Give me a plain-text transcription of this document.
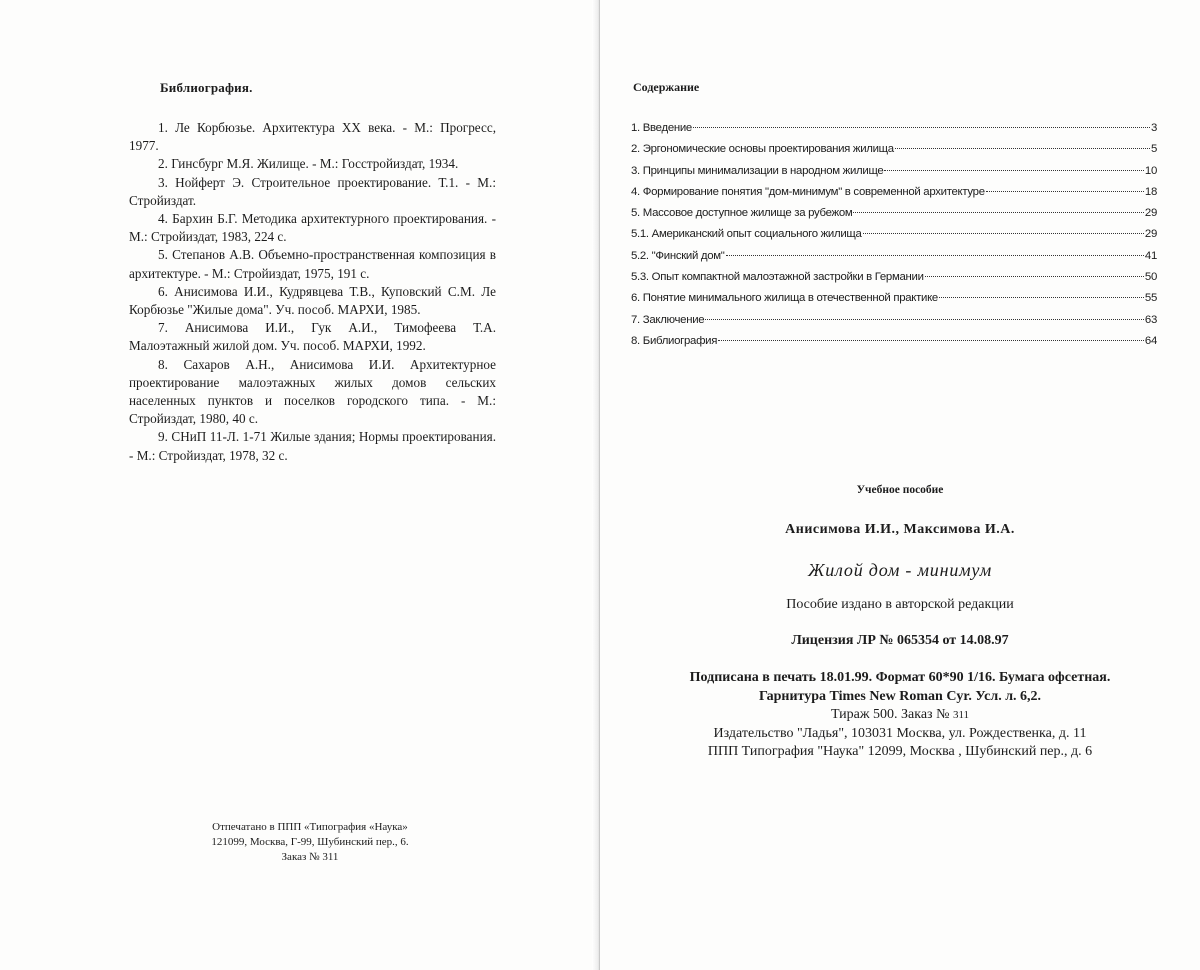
Библиография.
1. Ле Корбюзье. Архитектура XX века. - М.: Прогресс, 1977.
2. Гинсбург М.Я. Жилище. - М.: Госстройиздат, 1934.
3. Нойферт Э. Строительное проектирование. Т.1. - М.: Стройиздат.
4. Бархин Б.Г. Методика архитектурного проектирования. - М.: Стройиздат, 1983, 224 с.
5. Степанов А.В. Объемно-пространственная композиция в архитектуре. - М.: Стройиздат, 1975, 191 с.
6. Анисимова И.И., Кудрявцева Т.В., Куповский С.М. Ле Корбюзье "Жилые дома". Уч. пособ. МАРХИ, 1985.
7. Анисимова И.И., Гук А.И., Тимофеева Т.А. Малоэтажный жилой дом. Уч. пособ. МАРХИ, 1992.
8. Сахаров А.Н., Анисимова И.И. Архитектурное проектирование малоэтажных жилых домов сельских населенных пунктов и поселков городского типа. - М.: Стройиздат, 1980, 40 с.
9. СНиП 11-Л. 1-71 Жилые здания; Нормы проектирования. - М.: Стройиздат, 1978, 32 с.
Отпечатано в ППП «Типография «Наука»
121099, Москва, Г-99, Шубинский пер., 6.
Заказ № 311
Содержание
1. Введение	3
2. Эргономические основы проектирования жилища	5
3. Принципы минимализации в народном жилище	10
4. Формирование понятия "дом-минимум" в современной архитектуре	18
5. Массовое доступное жилище за рубежом	29
5.1. Американский опыт социального жилища	29
5.2. "Финский дом"	41
5.3. Опыт компактной малоэтажной застройки в Германии	50
6. Понятие минимального жилища в отечественной практике	55
7. Заключение	63
8. Библиография	64
Учебное пособие
Анисимова И.И., Максимова И.А.
Жилой дом - минимум
Пособие издано в авторской редакции
Лицензия ЛР № 065354 от 14.08.97
Подписана в печать 18.01.99. Формат 60*90 1/16. Бумага офсетная.
Гарнитура Times New Roman Cyr. Усл. л. 6,2.
Тираж 500. Заказ № 311
Издательство "Ладья", 103031 Москва, ул. Рождественка, д. 11
ППП Типография "Наука" 12099, Москва , Шубинский пер., д. 6
